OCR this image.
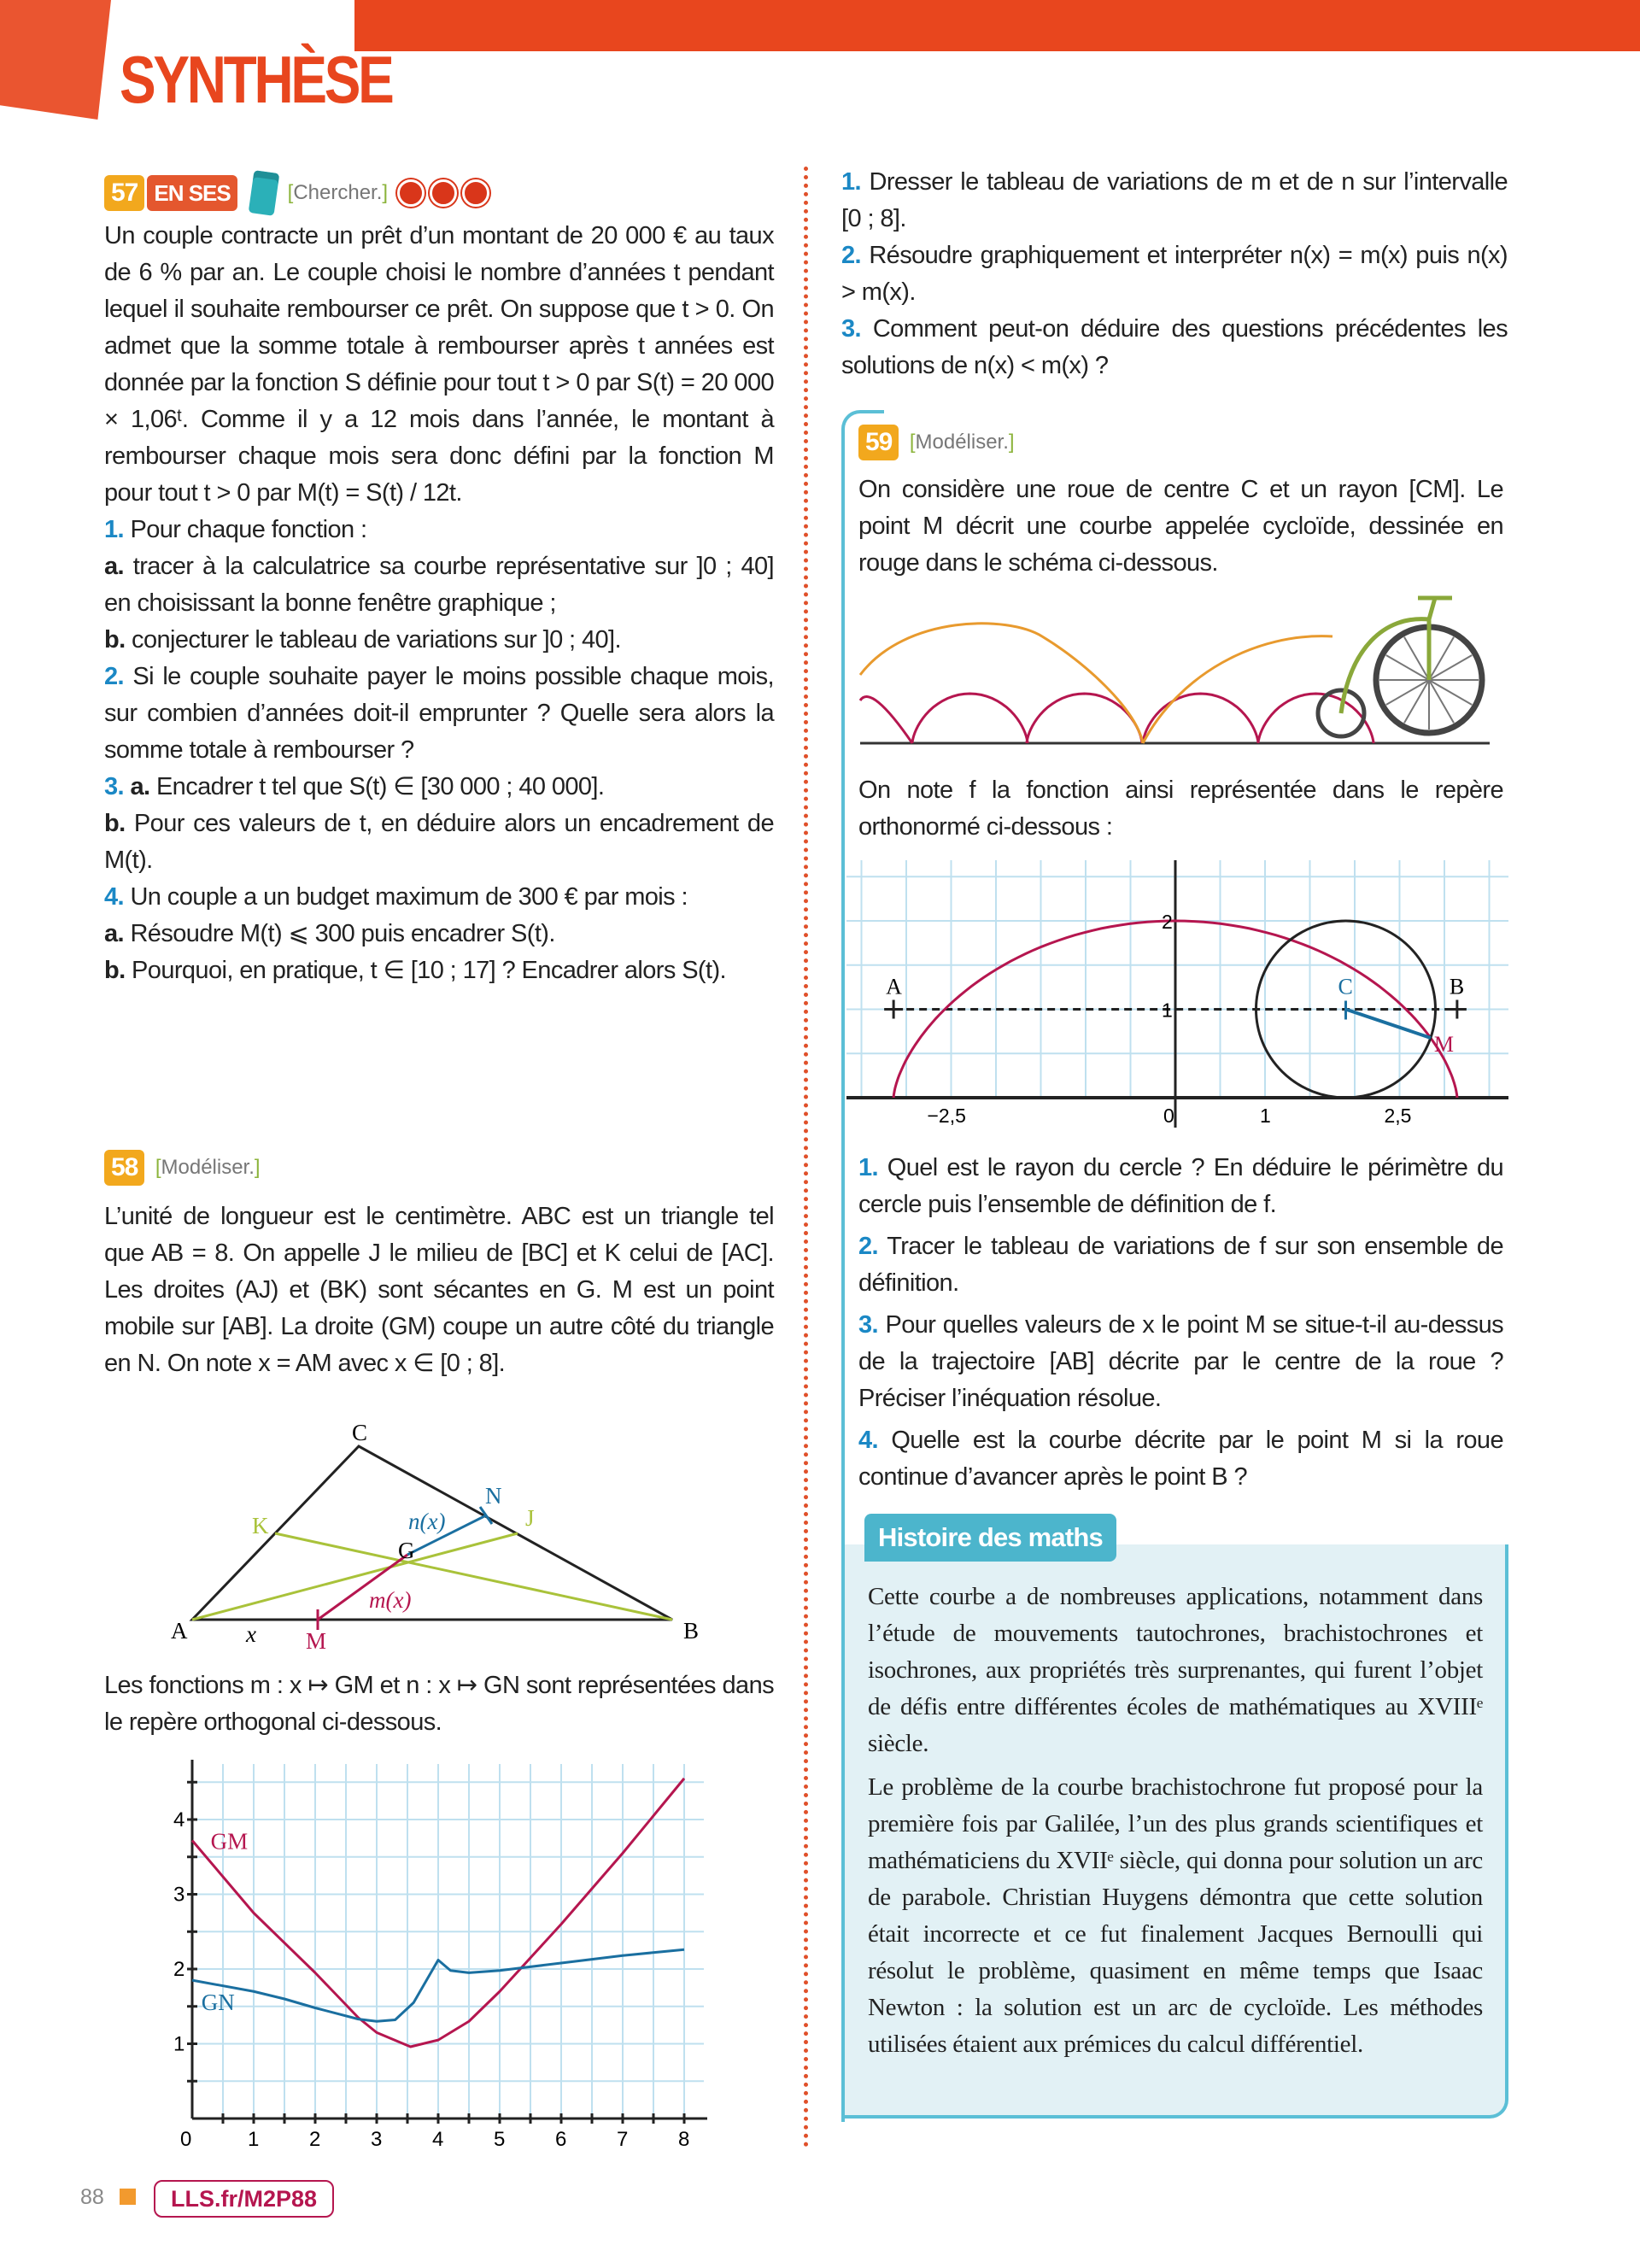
SYNTHÈSE
57 EN SES	[Chercher.]

Un couple contracte un prêt d’un montant de 20 000 € au taux de 6 % par an. Le couple choisi le nombre d’années t pendant lequel il souhaite rembourser ce prêt. On suppose que t > 0. On admet que la somme totale à rembourser après t années est donnée par la fonction S définie pour tout t > 0 par S(t) = 20 000 × 1,06ᵗ. Comme il y a 12 mois dans l’année, le montant à rembourser chaque mois sera donc défini par la fonction M pour tout t > 0 par M(t) = S(t) / 12t.

1. Pour chaque fonction :

a. tracer à la calculatrice sa courbe représentative sur ]0 ; 40] en choisissant la bonne fenêtre graphique ;

b. conjecturer le tableau de variations sur ]0 ; 40].

2. Si le couple souhaite payer le moins possible chaque mois, sur combien d’années doit-il emprunter ? Quelle sera alors la somme totale à rembourser ?

3. a. Encadrer t tel que S(t) ∈ [30 000 ; 40 000].

b. Pour ces valeurs de t, en déduire alors un encadrement de M(t).

4. Un couple a un budget maximum de 300 € par mois :

a. Résoudre M(t) ⩽ 300 puis encadrer S(t).

b. Pourquoi, en pratique, t ∈ [10 ; 17] ? Encadrer alors S(t).

58 [Modéliser.]
L’unité de longueur est le centimètre. ABC est un triangle tel que AB = 8. On appelle J le milieu de [BC] et K celui de [AC]. Les droites (AJ) et (BK) sont sécantes en G. M est un point mobile sur [AB]. La droite (GM) coupe un autre côté du triangle en N. On note x = AM avec x ∈ [0 ; 8].
Les fonctions m : x ↦ GM et n : x ↦ GN sont représentées dans le repère orthogonal ci-dessous.

1. Dresser le tableau de variations de m et de n sur l’intervalle [0 ; 8].

2. Résoudre graphiquement et interpréter n(x) = m(x) puis n(x) > m(x).

3. Comment peut-on déduire des questions précédentes les solutions de n(x) < m(x) ?

59 [Modéliser.]
On considère une roue de centre C et un rayon [CM]. Le point M décrit une courbe appelée cycloïde, dessinée en rouge dans le schéma ci-dessous.
On note f la fonction ainsi représentée dans le repère orthonormé ci-dessous :

1. Quel est le rayon du cercle ? En déduire le périmètre du cercle puis l’ensemble de définition de f.

2. Tracer le tableau de variations de f sur son ensemble de définition.

3. Pour quelles valeurs de x le point M se situe-t-il au-dessus de la trajectoire [AB] décrite par le centre de la roue ? Préciser l’inéquation résolue.

4. Quelle est la courbe décrite par le point M si la roue continue d’avancer après le point B ?

Histoire des maths

Cette courbe a de nombreuses applications, notamment dans l’étude de mouvements tautochrones, brachistochrones et isochrones, aux propriétés très surprenantes, qui furent l’objet de défis entre différentes écoles de mathématiques au XVIIIᵉ siècle.

Le problème de la courbe brachistochrone fut proposé pour la première fois par Galilée, l’un des plus grands scientifiques et mathématiciens du XVIIᵉ siècle, qui donna pour solution un arc de parabole. Christian Huygens démontra que cette solution était incorrecte et ce fut finalement Jacques Bernoulli qui résolut le problème, quasiment en même temps que Isaac Newton : la solution est un arc de cycloïde. Les méthodes utilisées étaient aux prémices du calcul différentiel.

88	LLS.fr/M2P88
A	B
C
K	J
G
N
M
x
n(x)
m(x)
0	1 2 3 4 5 6 7 8
1
2
3
4
GM
GN
A	B
C
M
−2,5	0	1	2,5
1
2
